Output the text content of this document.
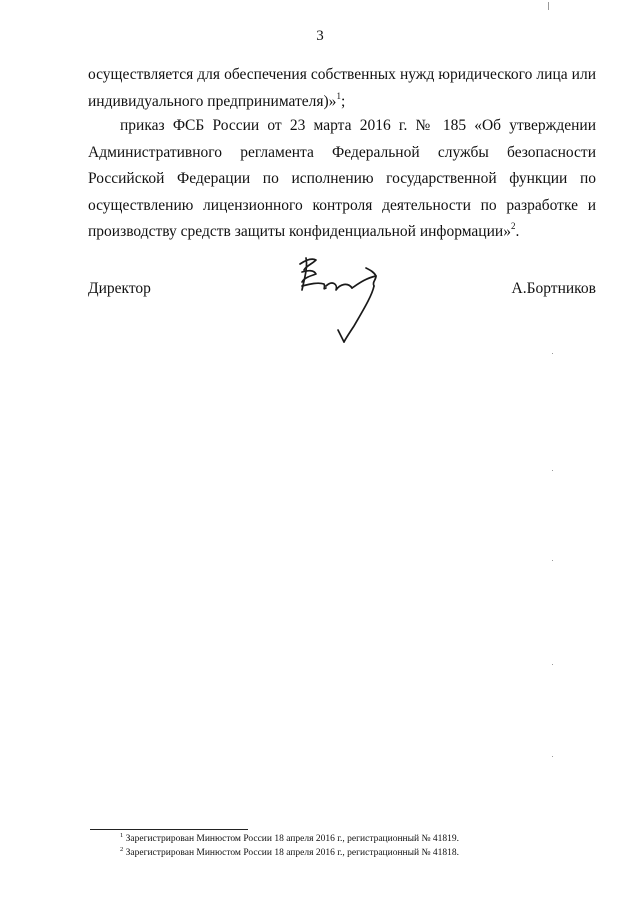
3
осуществляется для обеспечения собственных нужд юридического лица или
индивидуального предпринимателя)»$^1$;
приказ ФСБ России от 23 марта 2016 г. № 185 «Об утверждении
Административного регламента Федеральной службы безопасности
Российской Федерации по исполнению государственной функции по
осуществлению лицензионного контроля деятельности по разработке и
производству средств защиты конфиденциальной информации»$^2$.
Директор	А.Бортников
$^1$ Зарегистрирован Минюстом России 18 апреля 2016 г., регистрационный № 41819.
$^2$ Зарегистрирован Минюстом России 18 апреля 2016 г., регистрационный № 41818.
